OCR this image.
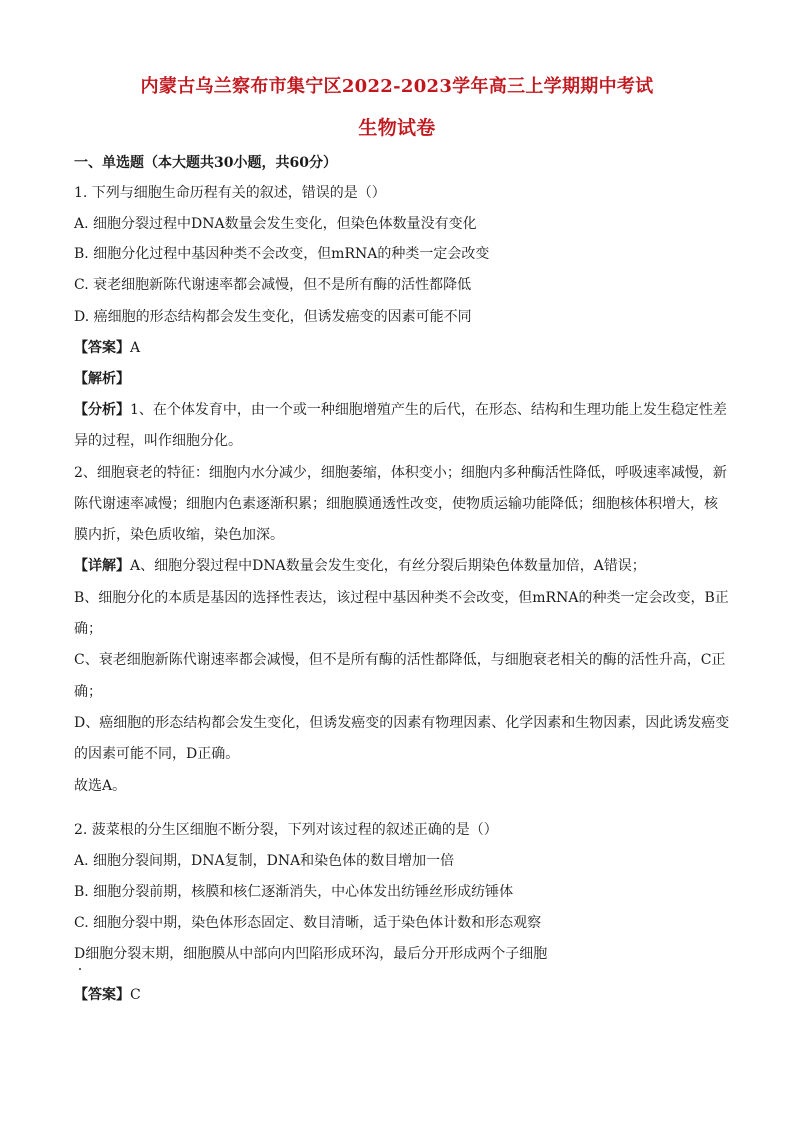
内蒙古乌兰察布市集宁区2022-2023学年高三上学期期中考试
生物试卷
一、单选题（本大题共30小题，共60分）
1. 下列与细胞生命历程有关的叙述，错误的是（）
A. 细胞分裂过程中DNA数量会发生变化，但染色体数量没有变化
B. 细胞分化过程中基因种类不会改变，但mRNA的种类一定会改变
C. 衰老细胞新陈代谢速率都会减慢，但不是所有酶的活性都降低
D. 癌细胞的形态结构都会发生变化，但诱发癌变的因素可能不同
【答案】A
【解析】
【分析】1、在个体发育中，由一个或一种细胞增殖产生的后代，在形态、结构和生理功能上发生稳定性差
异的过程，叫作细胞分化。
2、细胞衰老的特征：细胞内水分减少，细胞萎缩，体积变小；细胞内多种酶活性降低，呼吸速率减慢，新
陈代谢速率减慢；细胞内色素逐渐积累；细胞膜通透性改变，使物质运输功能降低；细胞核体积增大，核
膜内折，染色质收缩，染色加深。
【详解】A、细胞分裂过程中DNA数量会发生变化，有丝分裂后期染色体数量加倍，A错误；
B、细胞分化的本质是基因的选择性表达，该过程中基因种类不会改变，但mRNA的种类一定会改变，B正
确；
C、衰老细胞新陈代谢速率都会减慢，但不是所有酶的活性都降低，与细胞衰老相关的酶的活性升高，C正
确；
D、癌细胞的形态结构都会发生变化，但诱发癌变的因素有物理因素、化学因素和生物因素，因此诱发癌变
的因素可能不同，D正确。
故选A。
2. 菠菜根的分生区细胞不断分裂，下列对该过程的叙述正确的是（）
A. 细胞分裂间期，DNA复制，DNA和染色体的数目增加一倍
B. 细胞分裂前期，核膜和核仁逐渐消失，中心体发出纺锤丝形成纺锤体
C. 细胞分裂中期，染色体形态固定、数目清晰，适于染色体计数和形态观察
D细胞分裂末期，细胞膜从中部向内凹陷形成环沟，最后分开形成两个子细胞
【答案】C
